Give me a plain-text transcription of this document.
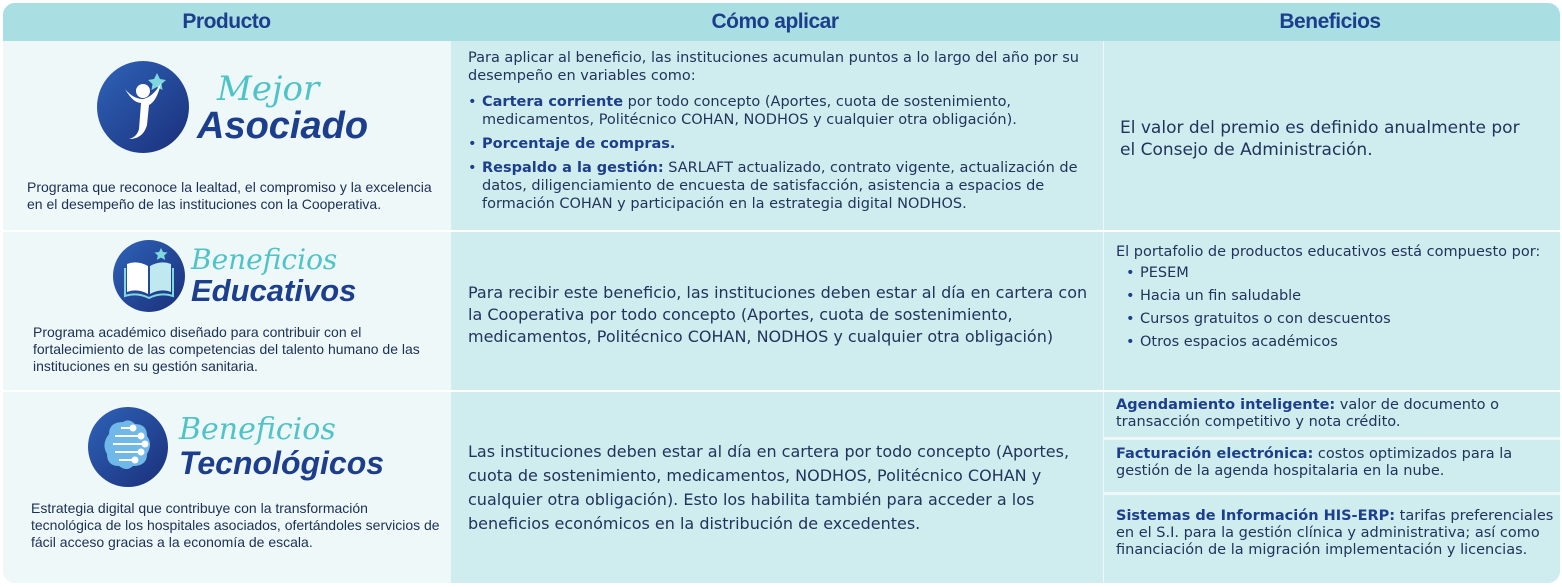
Producto	Cómo aplicar	Beneficios
Mejor
Asociado
Programa que reconoce la lealtad, el compromiso y la excelencia en el desempeño de las instituciones con la Cooperativa.
Para aplicar al beneficio, las instituciones acumulan puntos a lo largo del año por su desempeño en variables como:
• Cartera corriente por todo concepto (Aportes, cuota de sostenimiento, medicamentos, Politécnico COHAN, NODHOS y cualquier otra obligación).
• Porcentaje de compras.
• Respaldo a la gestión: SARLAFT actualizado, contrato vigente, actualización de datos, diligenciamiento de encuesta de satisfacción, asistencia a espacios de formación COHAN y participación en la estrategia digital NODHOS.
El valor del premio es definido anualmente por el Consejo de Administración.
Beneficios
Educativos
Programa académico diseñado para contribuir con el fortalecimiento de las competencias del talento humano de las instituciones en su gestión sanitaria.
Para recibir este beneficio, las instituciones deben estar al día en cartera con la Cooperativa por todo concepto (Aportes, cuota de sostenimiento, medicamentos, Politécnico COHAN, NODHOS y cualquier otra obligación)
El portafolio de productos educativos está compuesto por:
• PESEM
• Hacia un fin saludable
• Cursos gratuitos o con descuentos
• Otros espacios académicos
Beneficios
Tecnológicos
Estrategia digital que contribuye con la transformación tecnológica de los hospitales asociados, ofertándoles servicios de fácil acceso gracias a la economía de escala.
Las instituciones deben estar al día en cartera por todo concepto (Aportes, cuota de sostenimiento, medicamentos, NODHOS, Politécnico COHAN y cualquier otra obligación). Esto los habilita también para acceder a los beneficios económicos en la distribución de excedentes.
Agendamiento inteligente: valor de documento o transacción competitivo y nota crédito.
Facturación electrónica: costos optimizados para la gestión de la agenda hospitalaria en la nube.
Sistemas de Información HIS-ERP: tarifas preferenciales en el S.I. para la gestión clínica y administrativa; así como financiación de la migración implementación y licencias.
